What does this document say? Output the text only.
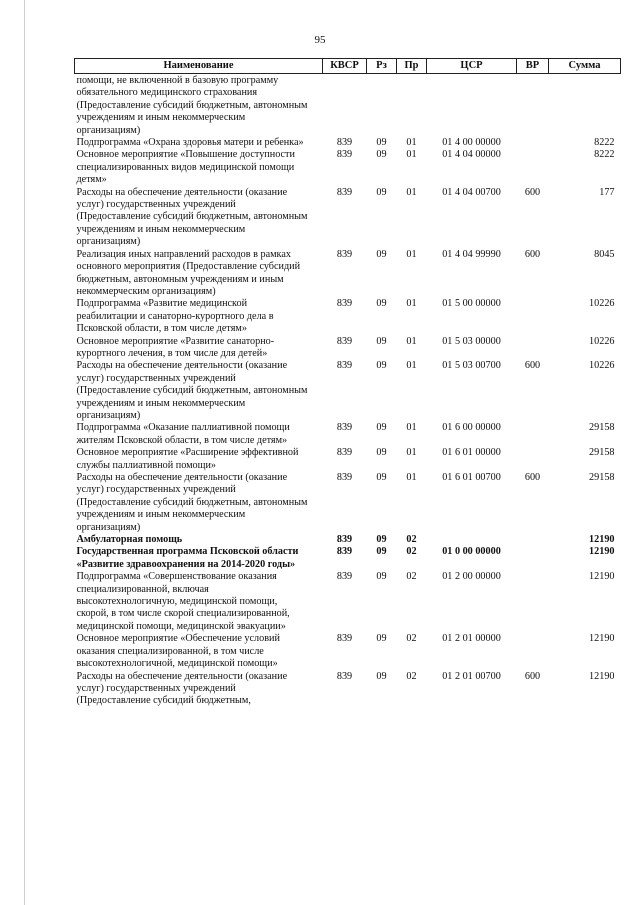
95
Наименование	КВСР	Рз	Пр	ЦСР	ВР	Сумма
помощи, не включенной в базовую программу обязательного медицинского страхования (Предоставление субсидий бюджетным, автономным учреждениям и иным некоммерческим организациям)						
Подпрограмма «Охрана здоровья матери и ребенка»	839	09	01	01 4 00 00000		8222
Основное мероприятие «Повышение доступности специализированных видов медицинской помощи детям»	839	09	01	01 4 04 00000		8222
Расходы на обеспечение деятельности (оказание услуг) государственных учреждений (Предоставление субсидий бюджетным, автономным учреждениям и иным некоммерческим организациям)	839	09	01	01 4 04 00700	600	177
Реализация иных направлений расходов в рамках основного мероприятия (Предоставление субсидий бюджетным, автономным учреждениям и иным некоммерческим организациям)	839	09	01	01 4 04 99990	600	8045
Подпрограмма «Развитие медицинской реабилитации и санаторно-курортного дела в Псковской области, в том числе детям»	839	09	01	01 5 00 00000		10226
Основное мероприятие «Развитие санаторно-курортного лечения, в том числе для детей»	839	09	01	01 5 03 00000		10226
Расходы на обеспечение деятельности (оказание услуг) государственных учреждений (Предоставление субсидий бюджетным, автономным учреждениям и иным некоммерческим организациям)	839	09	01	01 5 03 00700	600	10226
Подпрограмма «Оказание паллиативной помощи жителям Псковской области, в том числе детям»	839	09	01	01 6 00 00000		29158
Основное мероприятие «Расширение эффективной службы паллиативной помощи»	839	09	01	01 6 01 00000		29158
Расходы на обеспечение деятельности (оказание услуг) государственных учреждений (Предоставление субсидий бюджетным, автономным учреждениям и иным некоммерческим организациям)	839	09	01	01 6 01 00700	600	29158
Амбулаторная помощь	839	09	02			12190
Государственная программа Псковской области «Развитие здравоохранения на 2014-2020 годы»	839	09	02	01 0 00 00000		12190
Подпрограмма «Совершенствование оказания специализированной, включая высокотехнологичную, медицинской помощи, скорой, в том числе скорой специализированной, медицинской помощи, медицинской эвакуации»	839	09	02	01 2 00 00000		12190
Основное мероприятие «Обеспечение условий оказания специализированной, в том числе высокотехнологичной, медицинской помощи»	839	09	02	01 2 01 00000		12190
Расходы на обеспечение деятельности (оказание услуг) государственных учреждений (Предоставление субсидий бюджетным,	839	09	02	01 2 01 00700	600	12190
